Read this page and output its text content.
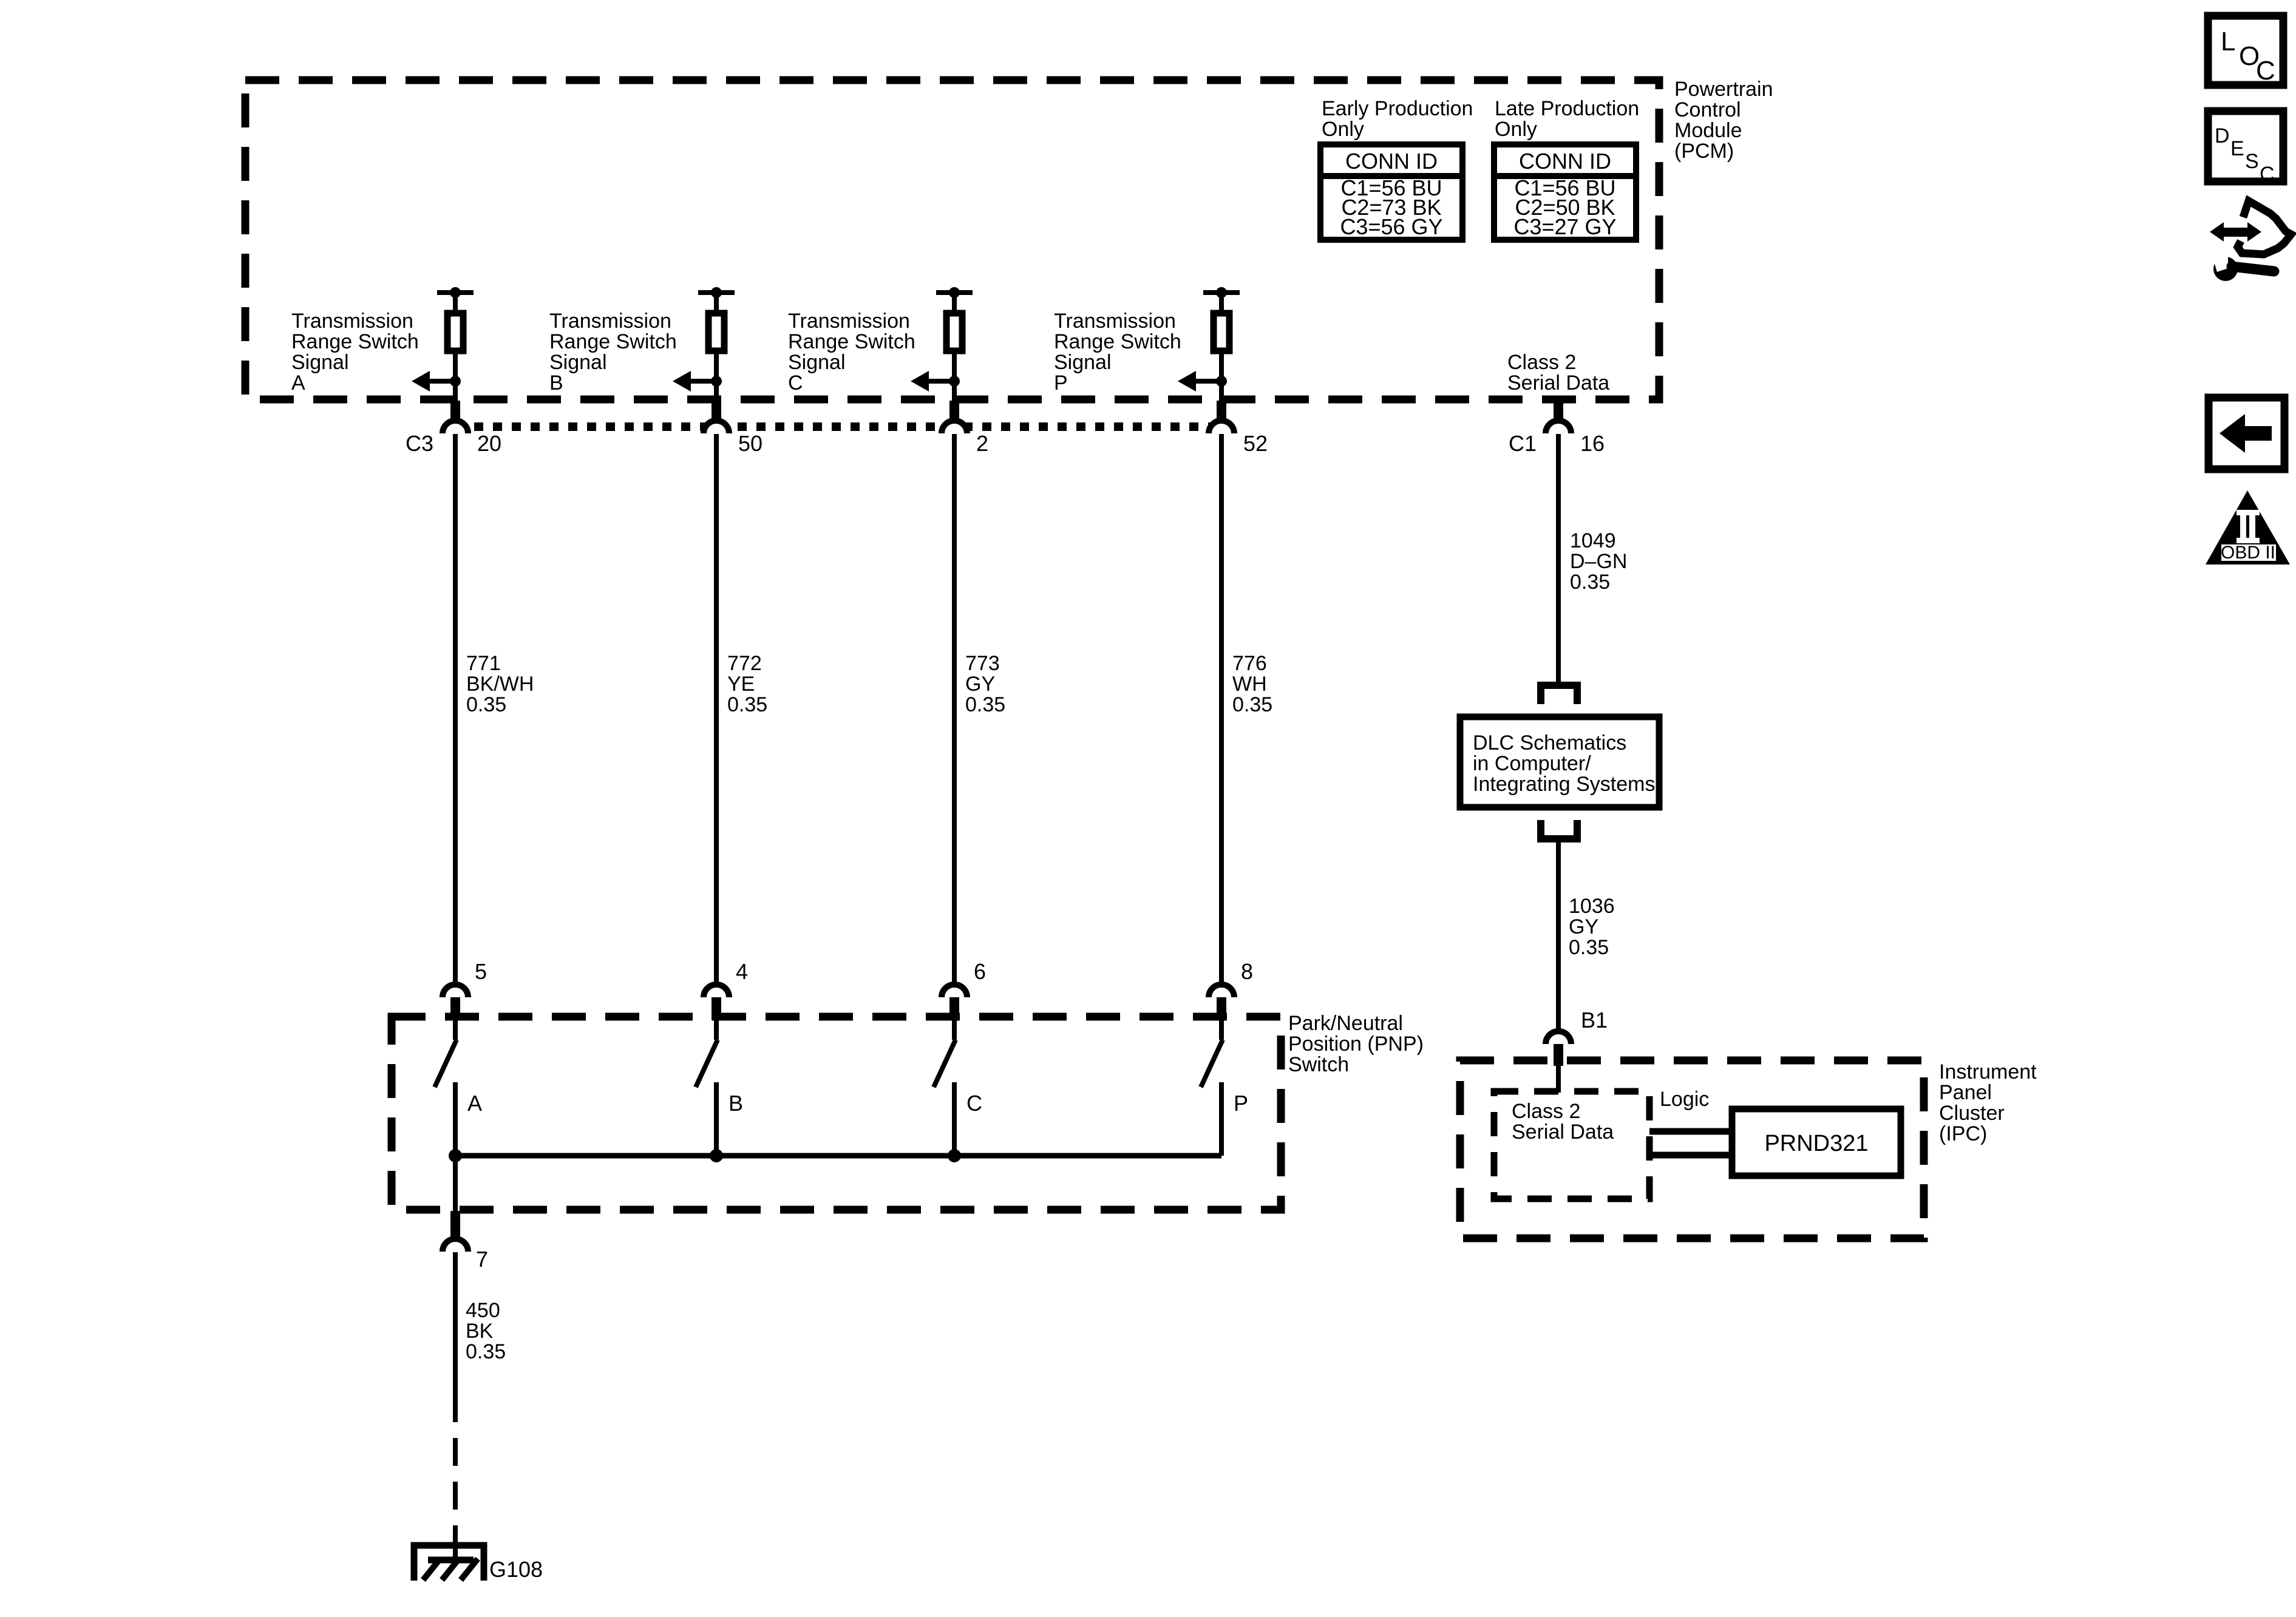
Powertrain
Control
Module
(PCM)
Early Production
Only
CONN ID
C1=56 BU
C2=73 BK
C3=56 GY
Late Production
Only
CONN ID
C1=56 BU
C2=50 BK
C3=27 GY
Transmission
Range Switch
Signal
A
Transmission
Range Switch
Signal
B
Transmission
Range Switch
Signal
C
Transmission
Range Switch
Signal
P
Class 2
Serial Data
C3 20	50	2	52	C1 16
771
BK/WH
0.35
772
YE
0.35
773
GY
0.35
776
WH
0.35
Park/Neutral
Position (PNP)
Switch
5	4	6	8
A	B	C	P
7
450
BK
0.35
G108
1049
D–GN
0.35
DLC Schematics
in Computer/
Integrating Systems
1036
GY
0.35
B1
Instrument
Panel
Cluster
(IPC)
Class 2
Serial Data
Logic
PRND321
L O
C
D
E
S
C
OBD II
